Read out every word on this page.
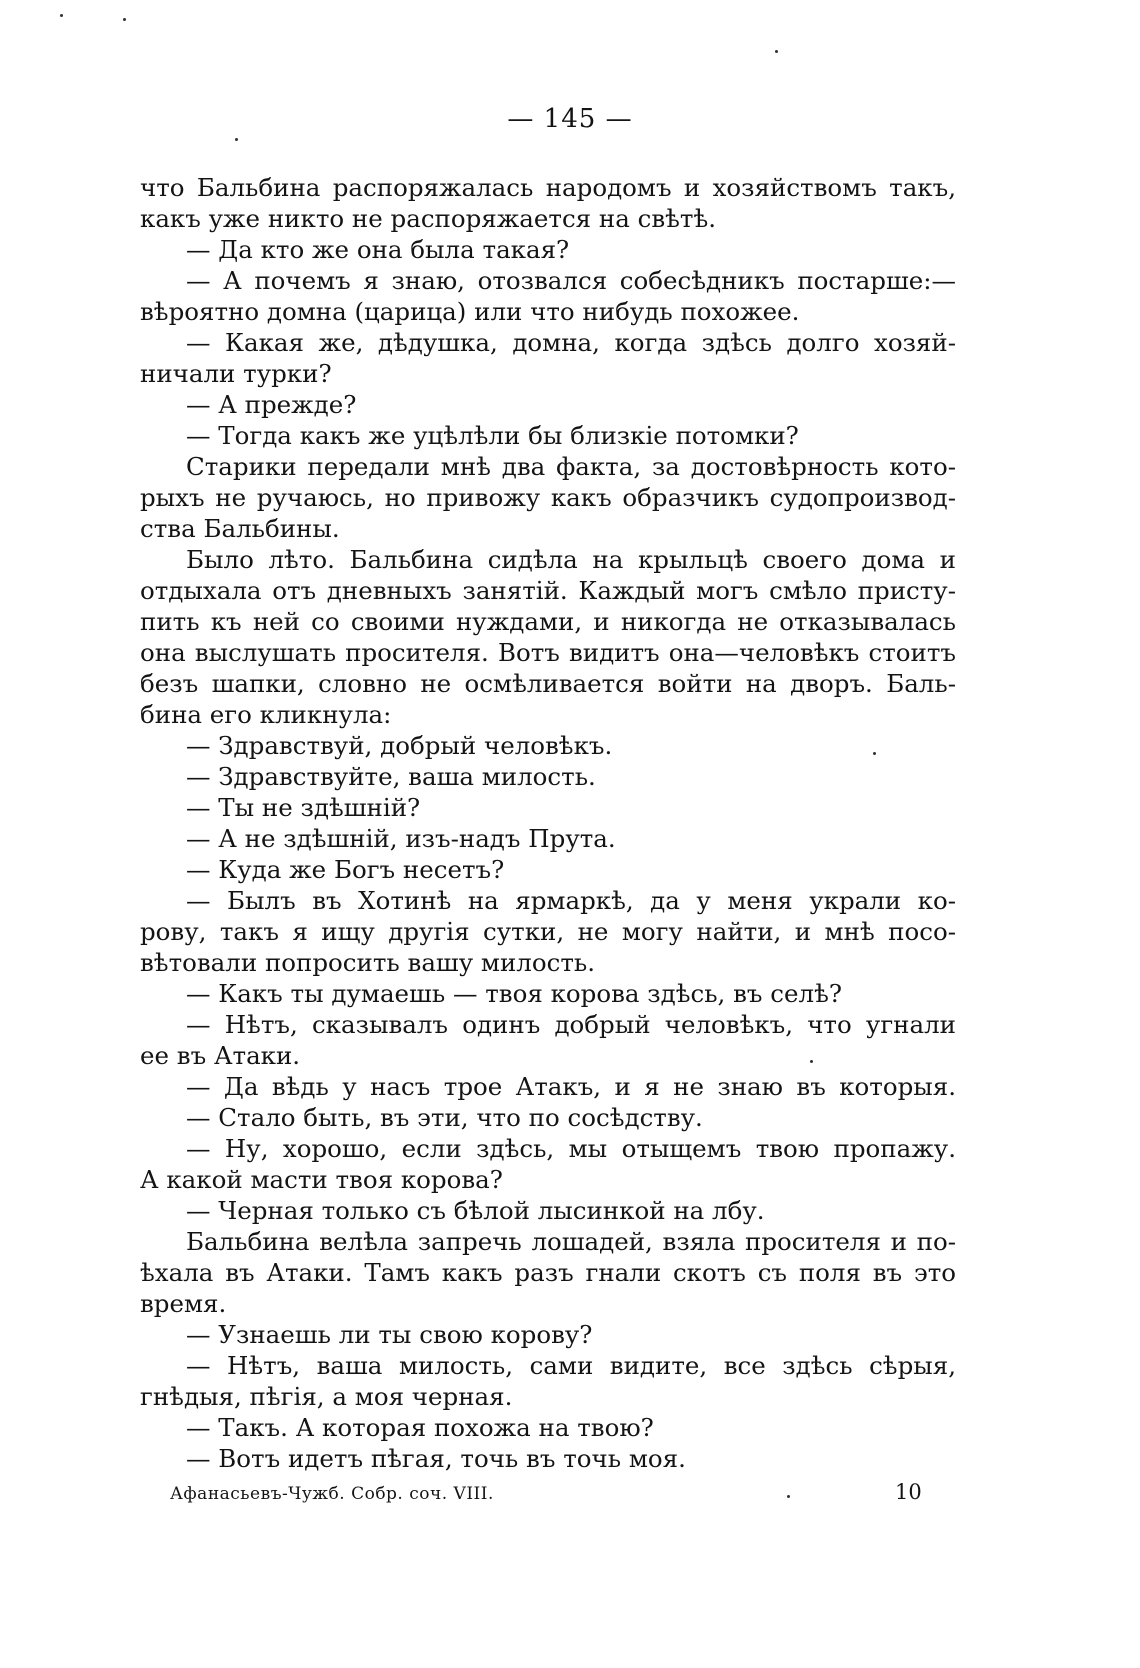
— 145 —
что Бальбина распоряжалась народомъ и хозяйствомъ такъ,
какъ уже никто не распоряжается на свѣтѣ.
— Да кто же она была такая?
— А почемъ я знаю, отозвался собесѣдникъ постарше:—
вѣроятно домна (царица) или что нибудь похожее.
— Какая же, дѣдушка, домна, когда здѣсь долго хозяй-
ничали турки?
— А прежде?
— Тогда какъ же уцѣлѣли бы близкіе потомки?
Старики передали мнѣ два факта, за достовѣрность кото-
рыхъ не ручаюсь, но привожу какъ образчикъ судопроизвод-
ства Бальбины.
Было лѣто. Бальбина сидѣла на крыльцѣ своего дома и
отдыхала отъ дневныхъ занятій. Каждый могъ смѣло присту-
пить къ ней со своими нуждами, и никогда не отказывалась
она выслушать просителя. Вотъ видитъ она—человѣкъ стоитъ
безъ шапки, словно не осмѣливается войти на дворъ. Баль-
бина его кликнула:
— Здравствуй, добрый человѣкъ.
— Здравствуйте, ваша милость.
— Ты не здѣшній?
— А не здѣшній, изъ-надъ Прута.
— Куда же Богъ несетъ?
— Былъ въ Хотинѣ на ярмаркѣ, да у меня украли ко-
рову, такъ я ищу другія сутки, не могу найти, и мнѣ посо-
вѣтовали попросить вашу милость.
— Какъ ты думаешь — твоя корова здѣсь, въ селѣ?
— Нѣтъ, сказывалъ одинъ добрый человѣкъ, что угнали
ее въ Атаки.
— Да вѣдь у насъ трое Атакъ, и я не знаю въ которыя.
— Стало быть, въ эти, что по сосѣдству.
— Ну, хорошо, если здѣсь, мы отыщемъ твою пропажу.
А какой масти твоя корова?
— Черная только съ бѣлой лысинкой на лбу.
Бальбина велѣла запречь лошадей, взяла просителя и по-
ѣхала въ Атаки. Тамъ какъ разъ гнали скотъ съ поля въ это
время.
— Узнаешь ли ты свою корову?
— Нѣтъ, ваша милость, сами видите, все здѣсь сѣрыя,
гнѣдыя, пѣгія, а моя черная.
— Такъ. А которая похожа на твою?
— Вотъ идетъ пѣгая, точь въ точь моя.
Афанасьевъ-Чужб. Собр. соч. VIII.	10
